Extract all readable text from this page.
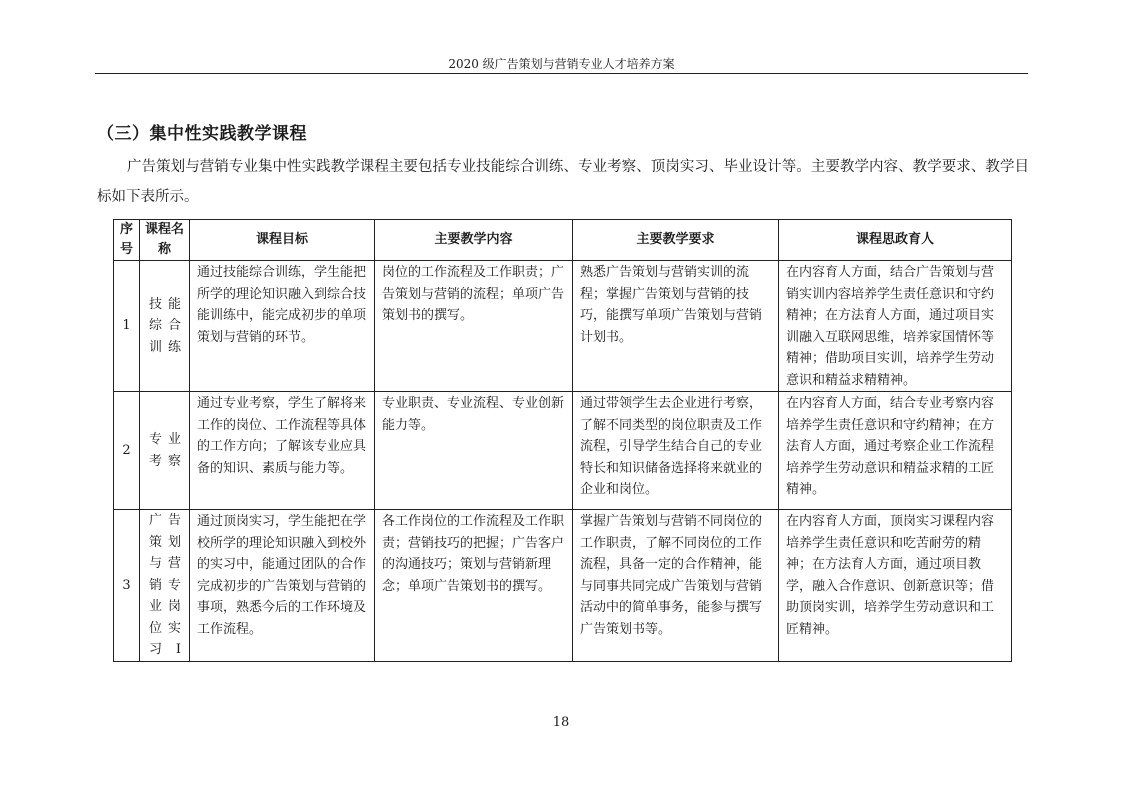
2020 级广告策划与营销专业人才培养方案
（三）集中性实践教学课程

广告策划与营销专业集中性实践教学课程主要包括专业技能综合训练、专业考察、顶岗实习、毕业设计等。主要教学内容、教学要求、教学目标如下表所示。

序号	课程名称	课程目标	主要教学内容	主要教学要求	课程思政育人
1	技能综合训练	通过技能综合训练，学生能把所学的理论知识融入到综合技能训练中，能完成初步的单项策划与营销的环节。	岗位的工作流程及工作职责；广告策划与营销的流程；单项广告策划书的撰写。	熟悉广告策划与营销实训的流程；掌握广告策划与营销的技巧，能撰写单项广告策划与营销计划书。	在内容育人方面，结合广告策划与营销实训内容培养学生责任意识和守约精神；在方法育人方面，通过项目实训融入互联网思维，培养家国情怀等精神；借助项目实训，培养学生劳动意识和精益求精精神。
2	专业考察	通过专业考察，学生了解将来工作的岗位、工作流程等具体的工作方向；了解该专业应具备的知识、素质与能力等。	专业职责、专业流程、专业创新能力等。	通过带领学生去企业进行考察，了解不同类型的岗位职责及工作流程，引导学生结合自己的专业特长和知识储备选择将来就业的企业和岗位。	在内容育人方面，结合专业考察内容培养学生责任意识和守约精神；在方法育人方面，通过考察企业工作流程培养学生劳动意识和精益求精的工匠精神。
3	广告策划与营销专业岗位实习Ⅰ	通过顶岗实习，学生能把在学校所学的理论知识融入到校外的实习中，能通过团队的合作完成初步的广告策划与营销的事项，熟悉今后的工作环境及工作流程。	各工作岗位的工作流程及工作职责；营销技巧的把握；广告客户的沟通技巧；策划与营销新理念；单项广告策划书的撰写。	掌握广告策划与营销不同岗位的工作职责，了解不同岗位的工作流程，具备一定的合作精神，能与同事共同完成广告策划与营销活动中的简单事务，能参与撰写广告策划书等。	在内容育人方面，顶岗实习课程内容培养学生责任意识和吃苦耐劳的精神；在方法育人方面，通过项目教学，融入合作意识、创新意识等；借助顶岗实训，培养学生劳动意识和工匠精神。
18
